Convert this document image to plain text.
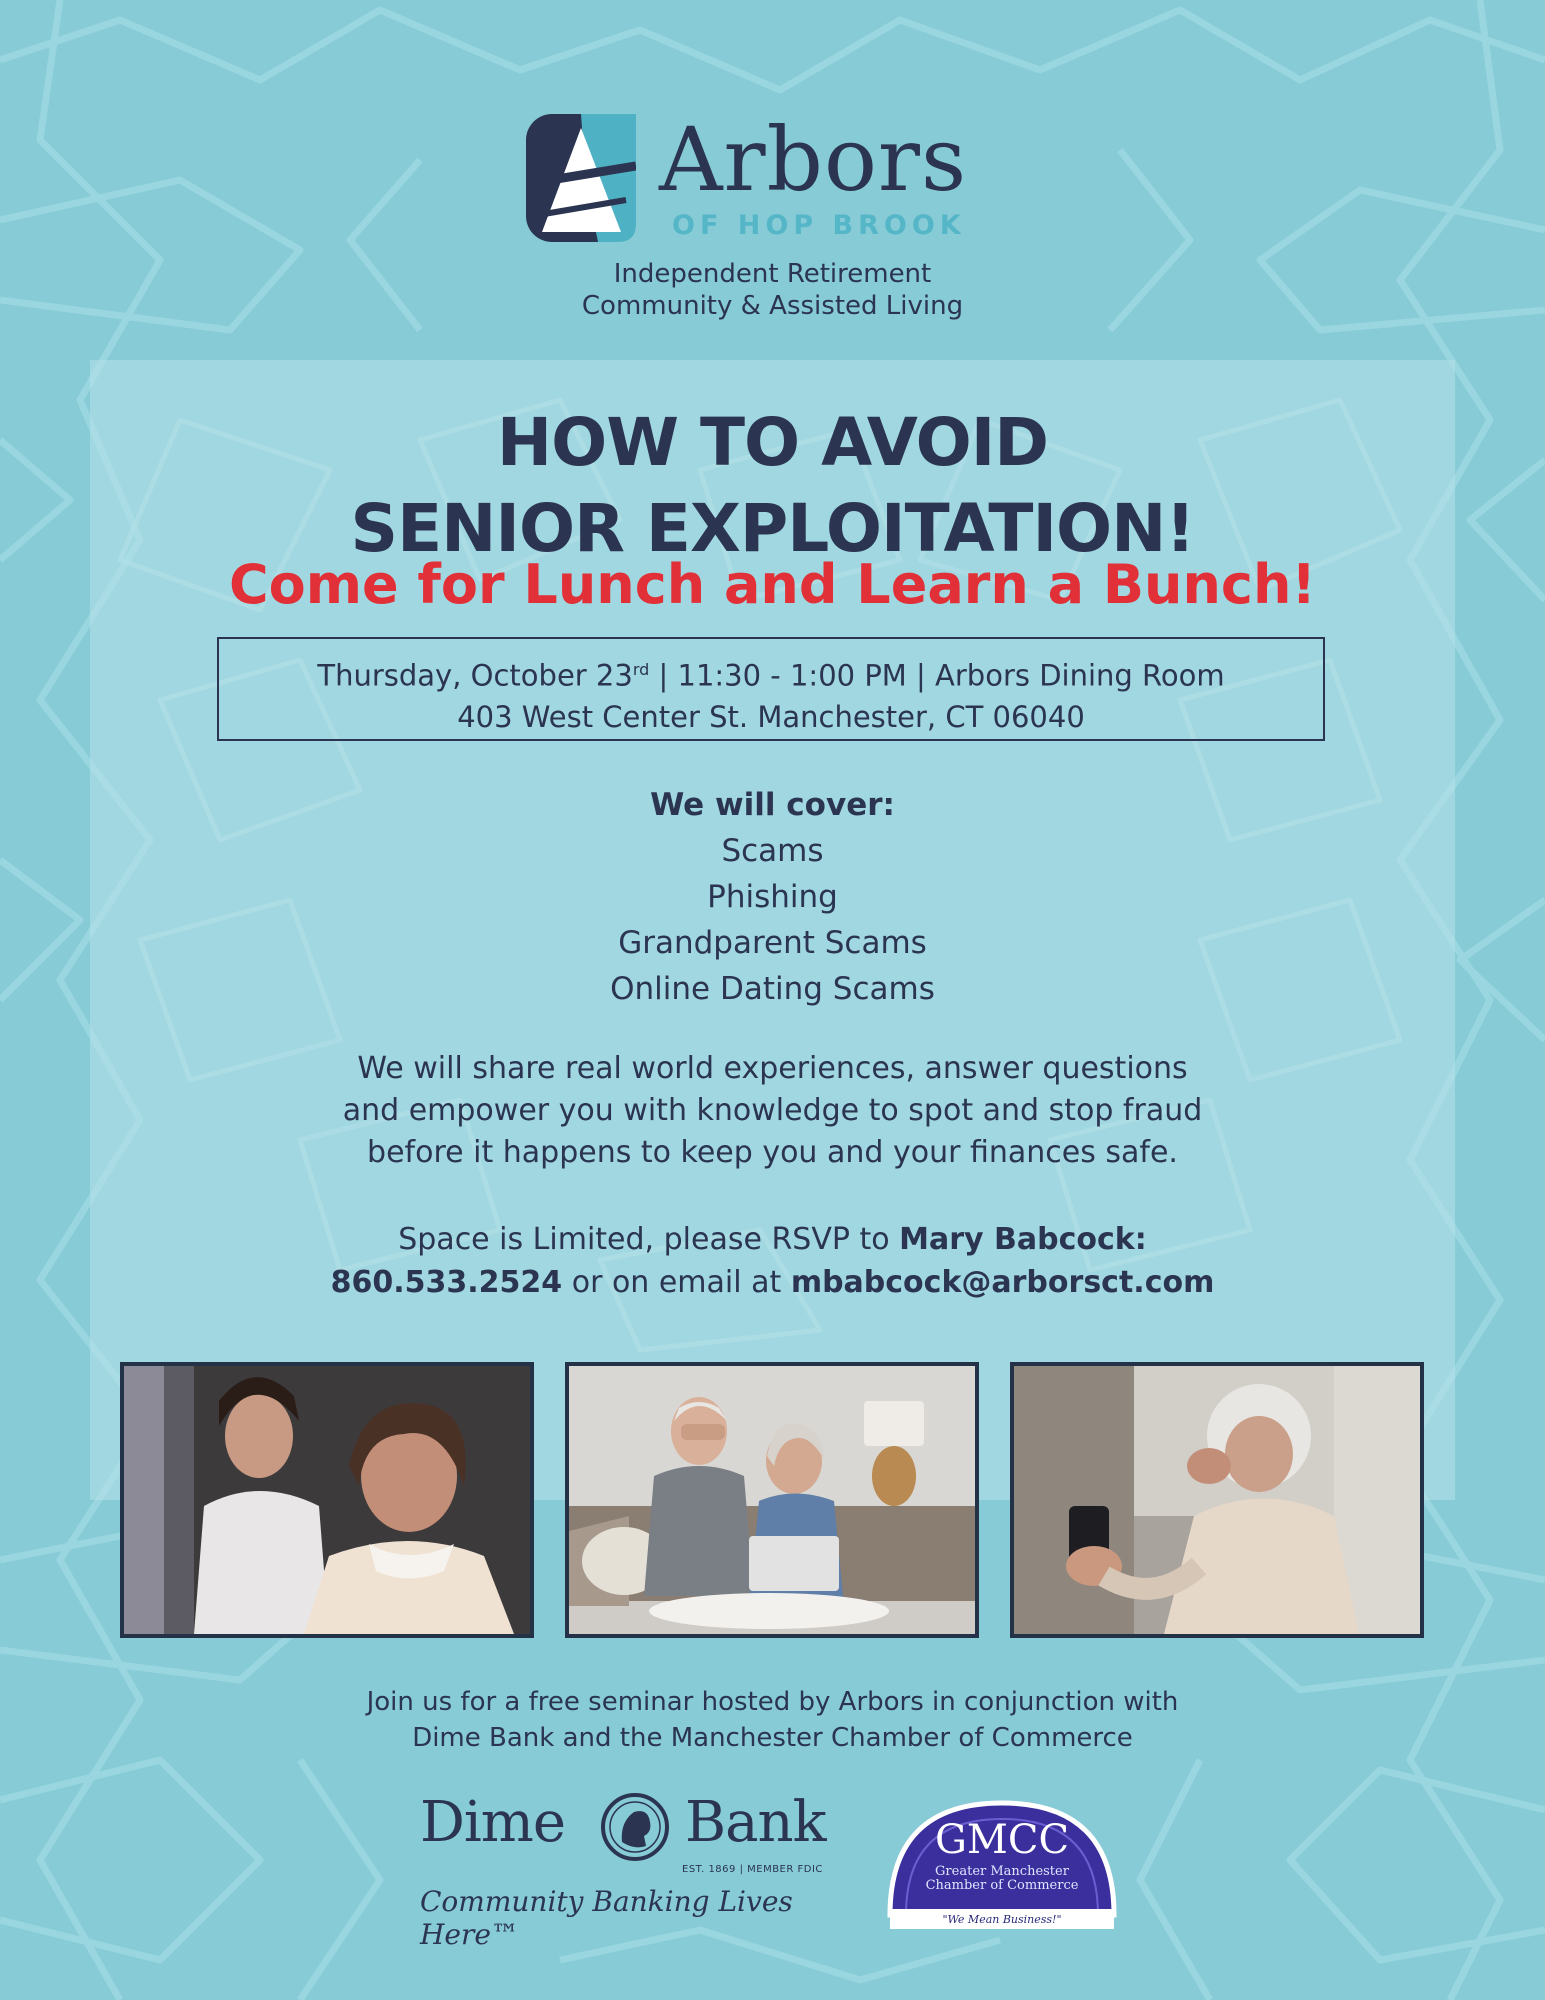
Arbors
OF HOP BROOK
Independent Retirement
Community & Assisted Living
HOW TO AVOID
SENIOR EXPLOITATION!
Come for Lunch and Learn a Bunch!
Thursday, October 23rd | 11:30 - 1:00 PM | Arbors Dining Room
403 West Center St. Manchester, CT 06040
We will cover:
Scams
Phishing
Grandparent Scams
Online Dating Scams
We will share real world experiences, answer questions
and empower you with knowledge to spot and stop fraud
before it happens to keep you and your finances safe.
Space is Limited, please RSVP to Mary Babcock:
860.533.2524 or on email at mbabcock@arborsct.com
Join us for a free seminar hosted by Arbors in conjunction with
Dime Bank and the Manchester Chamber of Commerce
Dime Bank
EST. 1869 | MEMBER FDIC
Community Banking Lives Here™
GMCC
Greater Manchester
Chamber of Commerce
"We Mean Business!"
